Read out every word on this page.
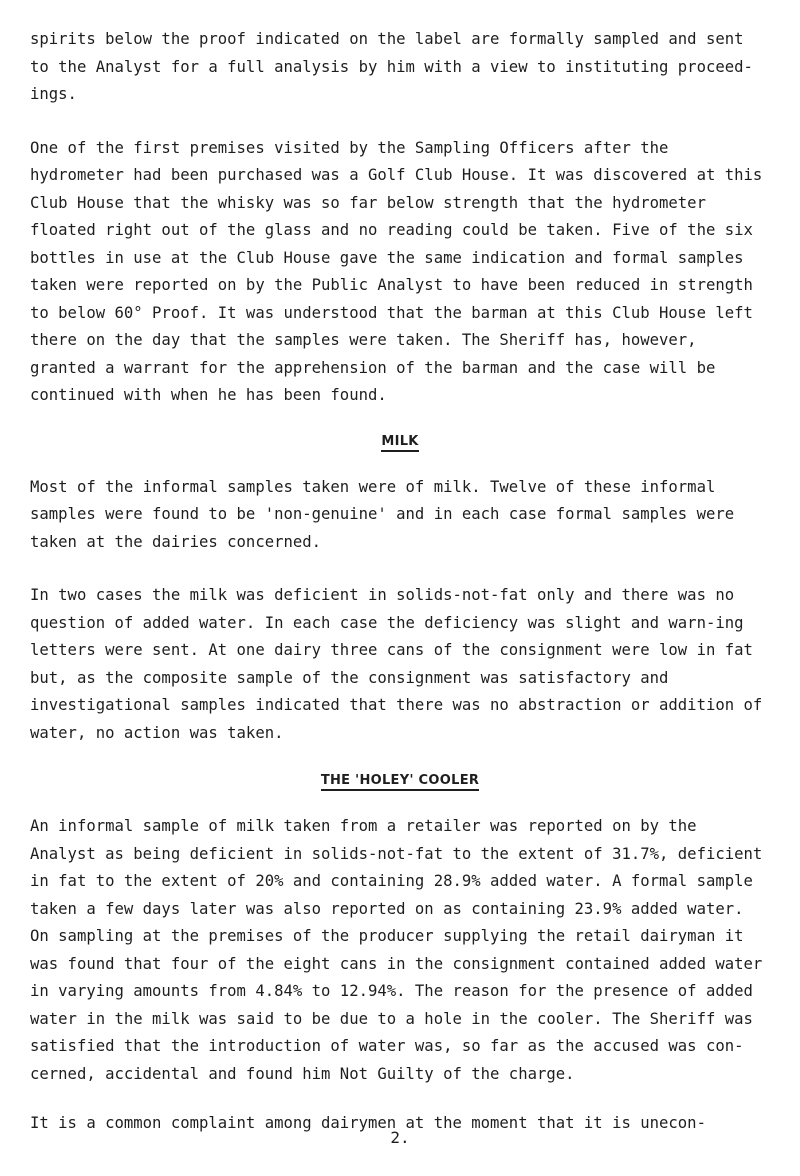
spirits below the proof indicated on the label are formally sampled and sent to the Analyst for a full analysis by him with a view to instituting proceed-ings.

One of the first premises visited by the Sampling Officers after the hydrometer had been purchased was a Golf Club House. It was discovered at this Club House that the whisky was so far below strength that the hydrometer floated right out of the glass and no reading could be taken. Five of the six bottles in use at the Club House gave the same indication and formal samples taken were reported on by the Public Analyst to have been reduced in strength to below 60° Proof. It was understood that the barman at this Club House left there on the day that the samples were taken. The Sheriff has, however, granted a warrant for the apprehension of the barman and the case will be continued with when he has been found.

MILK

Most of the informal samples taken were of milk. Twelve of these informal samples were found to be 'non-genuine' and in each case formal samples were taken at the dairies concerned.

In two cases the milk was deficient in solids-not-fat only and there was no question of added water. In each case the deficiency was slight and warn-ing letters were sent. At one dairy three cans of the consignment were low in fat but, as the composite sample of the consignment was satisfactory and investigational samples indicated that there was no abstraction or addition of water, no action was taken.

THE 'HOLEY' COOLER

An informal sample of milk taken from a retailer was reported on by the Analyst as being deficient in solids-not-fat to the extent of 31.7%, deficient in fat to the extent of 20% and containing 28.9% added water. A formal sample taken a few days later was also reported on as containing 23.9% added water. On sampling at the premises of the producer supplying the retail dairyman it was found that four of the eight cans in the consignment contained added water in varying amounts from 4.84% to 12.94%. The reason for the presence of added water in the milk was said to be due to a hole in the cooler. The Sheriff was satisfied that the introduction of water was, so far as the accused was con-cerned, accidental and found him Not Guilty of the charge.

It is a common complaint among dairymen at the moment that it is unecon-

2.
